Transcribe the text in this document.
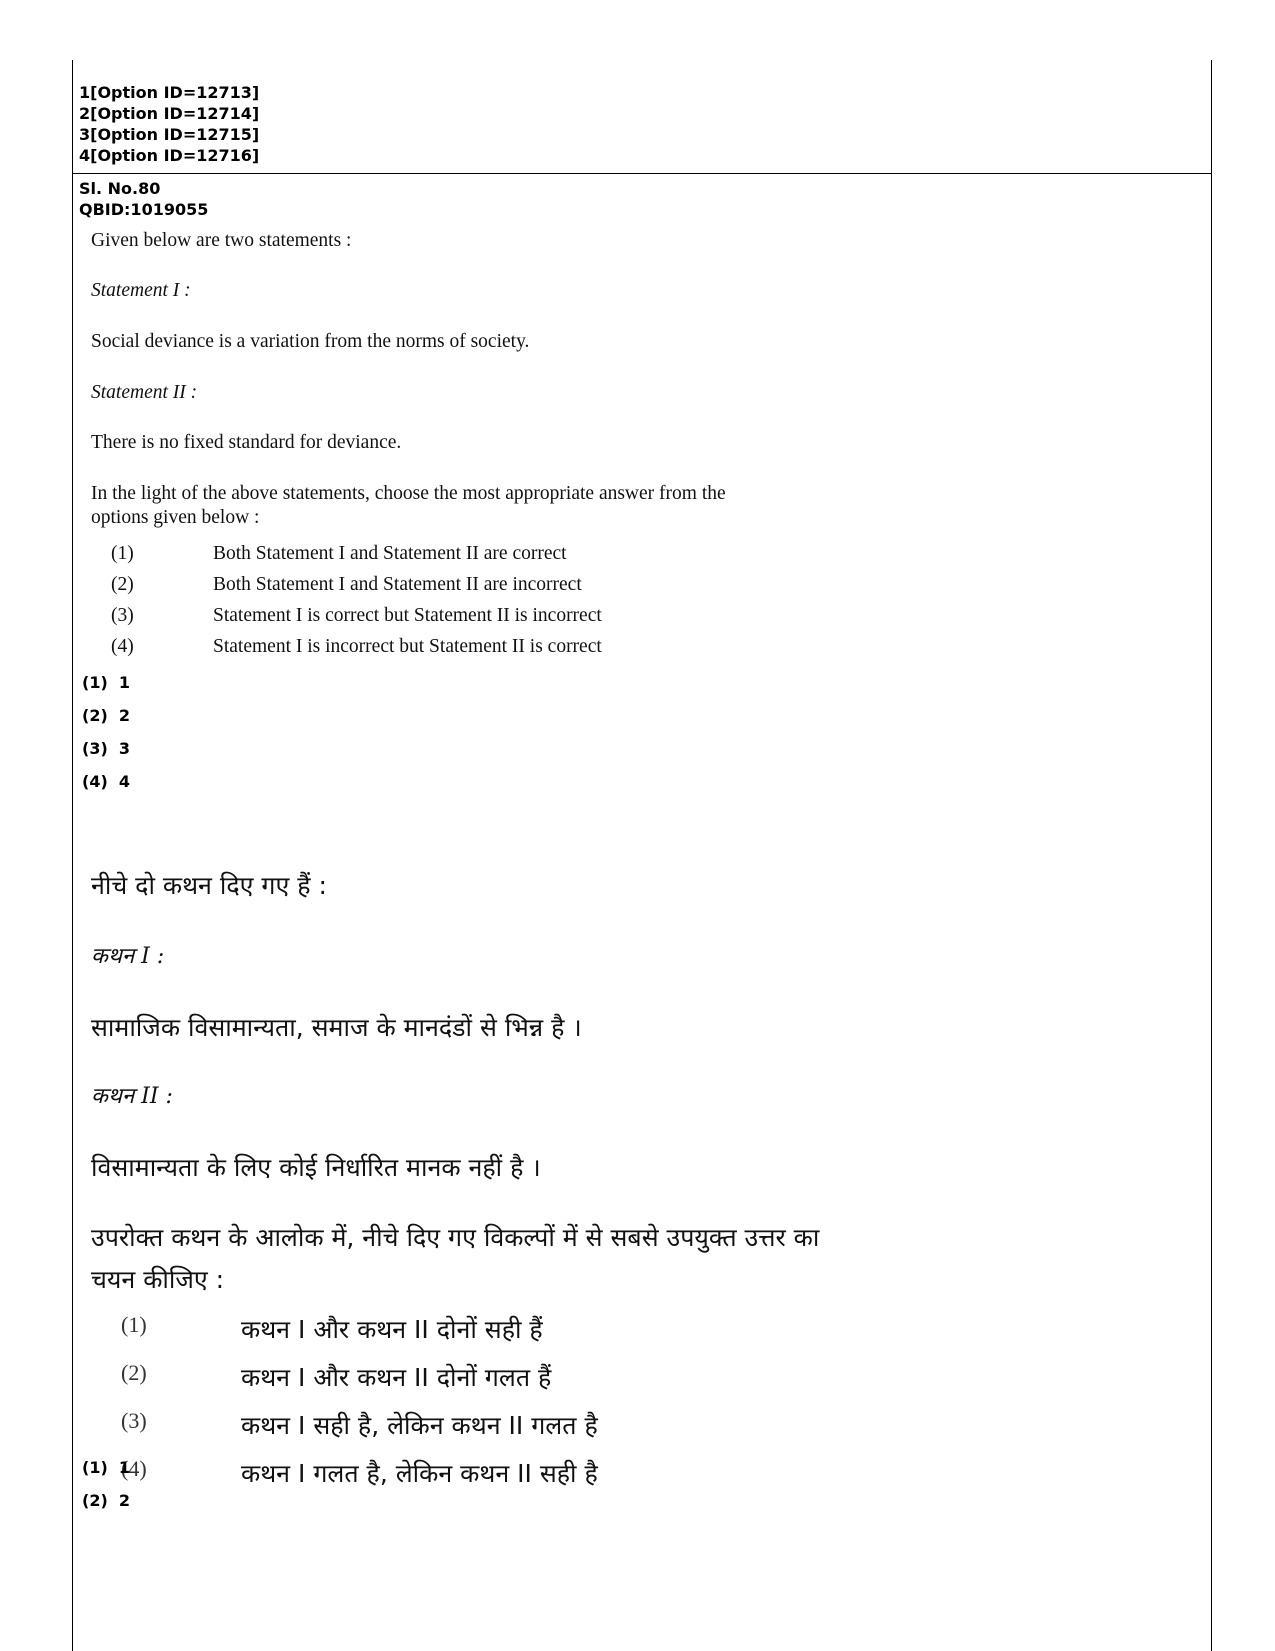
1[Option ID=12713]
2[Option ID=12714]
3[Option ID=12715]
4[Option ID=12716]
Sl. No.80
QBID:1019055

Given below are two statements :

Statement I :

Social deviance is a variation from the norms of society.

Statement II :

There is no fixed standard for deviance.

In the light of the above statements, choose the most appropriate answer from the

options given below :

(1)	Both Statement I and Statement II are correct
(2)	Both Statement I and Statement II are incorrect
(3)	Statement I is correct but Statement II is incorrect
(4)	Statement I is incorrect but Statement II is correct
(1)  1
(2)  2
(3)  3
(4)  4

नीचे दो कथन दिए गए हैं :

कथन I :

सामाजिक विसामान्यता, समाज के मानदंडों से भिन्न है ।

कथन II :

विसामान्यता के लिए कोई निर्धारित मानक नहीं है ।

उपरोक्त कथन के आलोक में, नीचे दिए गए विकल्पों में से सबसे उपयुक्त उत्तर का

चयन कीजिए :

(1)	कथन I और कथन II दोनों सही हैं
(2)	कथन I और कथन II दोनों गलत हैं
(3)	कथन I सही है, लेकिन कथन II गलत है
(4)	कथन I गलत है, लेकिन कथन II सही है
(1)  1
(2)  2
